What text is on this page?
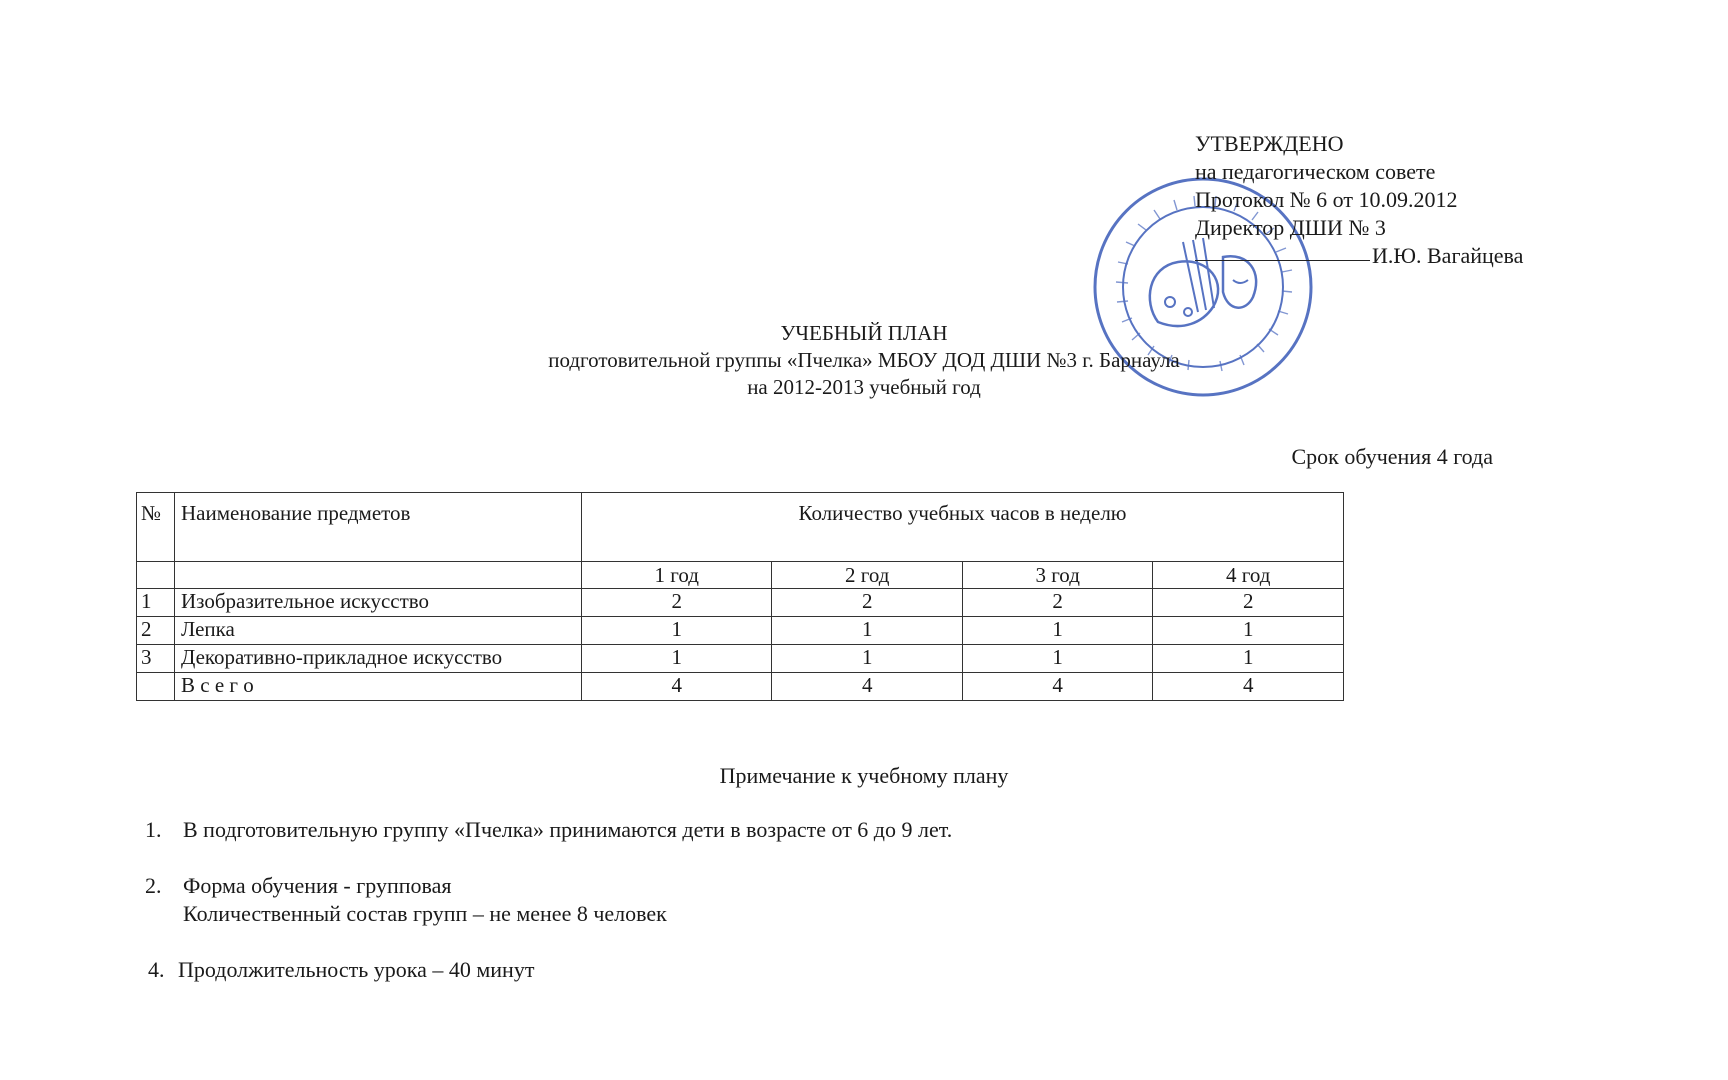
УТВЕРЖДЕНО
на педагогическом совете
Протокол № 6 от 10.09.2012
Директор ДШИ № 3
И.Ю. Вагайцева
УЧЕБНЫЙ ПЛАН
подготовительной группы «Пчелка» МБОУ ДОД ДШИ №3 г. Барнаула
на 2012-2013 учебный год
Срок обучения 4 года
№	Наименование предметов	Количество учебных часов в неделю			
		1 год	2 год	3 год	4 год
1	Изобразительное искусство	2	2	2	2
2	Лепка	1	1	1	1
3	Декоративно-прикладное искусство	1	1	1	1
	В с е г о	4	4	4	4
Примечание к учебному плану
1. В подготовительную группу «Пчелка» принимаются дети в возрасте от 6 до 9 лет.
2. Форма обучения - групповая
Количественный состав групп – не менее 8 человек
4. Продолжительность урока – 40 минут
